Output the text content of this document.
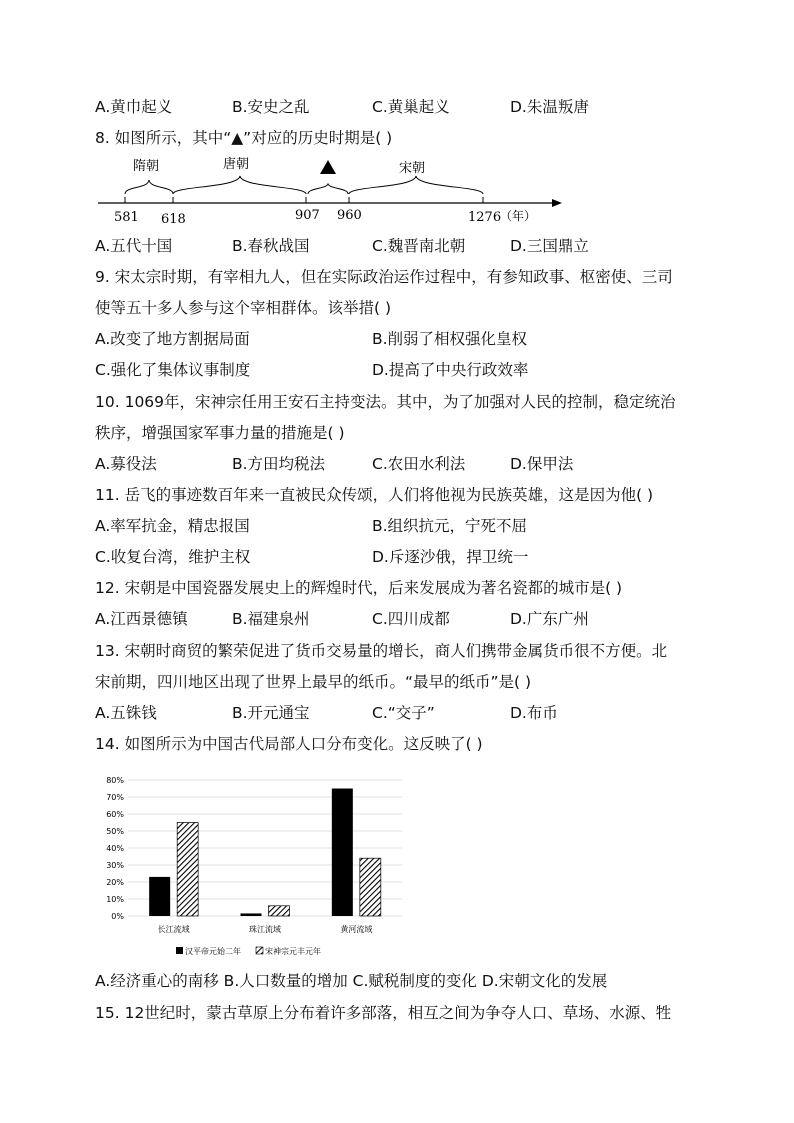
A.黄巾起义	B.安史之乱	C.黄巢起义	D.朱温叛唐
8. 如图所示，其中“▲”对应的历史时期是( )
隋朝	唐朝	宋朝
581 618	907 960	1276
（年）
A.五代十国	B.春秋战国	C.魏晋南北朝	D.三国鼎立
9. 宋太宗时期，有宰相九人，但在实际政治运作过程中，有参知政事、枢密使、三司
使等五十多人参与这个宰相群体。该举措( )
A.改变了地方割据局面	B.削弱了相权强化皇权
C.强化了集体议事制度	D.提高了中央行政效率
10. 1069年，宋神宗任用王安石主持变法。其中，为了加强对人民的控制，稳定统治
秩序，增强国家军事力量的措施是( )
A.募役法	B.方田均税法	C.农田水利法	D.保甲法
11. 岳飞的事迹数百年来一直被民众传颂，人们将他视为民族英雄，这是因为他( )
A.率军抗金，精忠报国	B.组织抗元，宁死不屈
C.收复台湾，维护主权	D.斥逐沙俄，捍卫统一
12. 宋朝是中国瓷器发展史上的辉煌时代，后来发展成为著名瓷都的城市是( )
A.江西景德镇	B.福建泉州	C.四川成都	D.广东广州
13. 宋朝时商贸的繁荣促进了货币交易量的增长，商人们携带金属货币很不方便。北
宋前期，四川地区出现了世界上最早的纸币。“最早的纸币”是( )
A.五铢钱	B.开元通宝	C.“交子”	D.布币
14. 如图所示为中国古代局部人口分布变化。这反映了( )
0%
10%
20%
30%
40%
50%
60%
70%
80%
长江流域	珠江流域	黄河流域
汉平帝元始二年	宋神宗元丰元年
A.经济重心的南移 B.人口数量的增加 C.赋税制度的变化 D.宋朝文化的发展
15. 12世纪时，蒙古草原上分布着许多部落，相互之间为争夺人口、草场、水源、牲
